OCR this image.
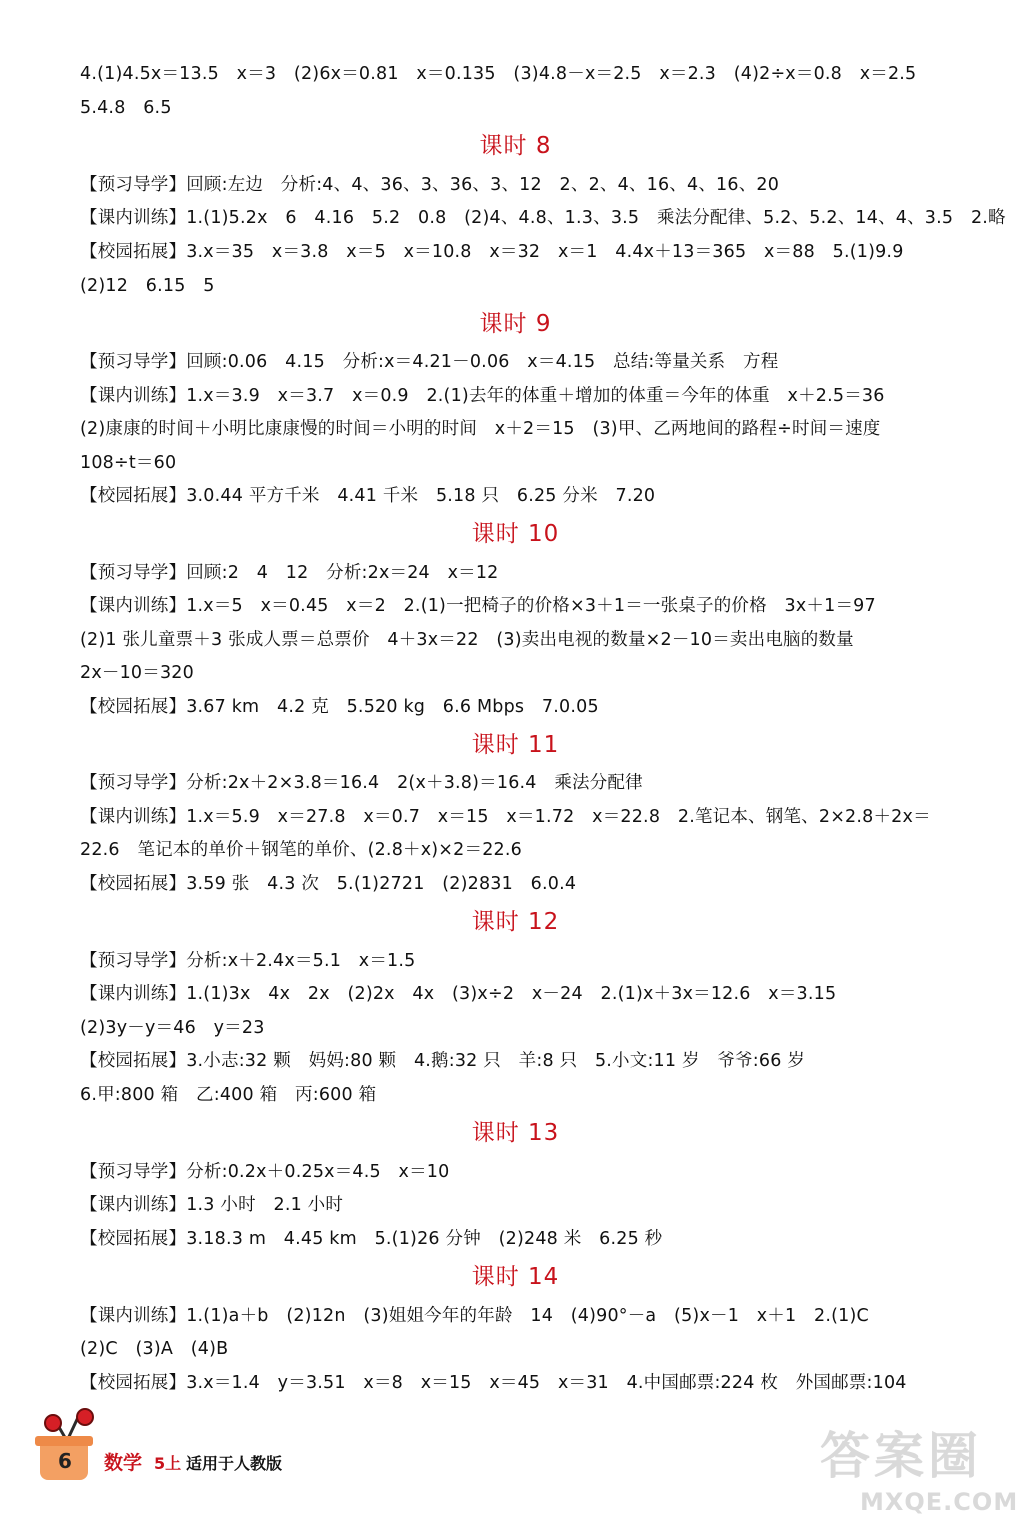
4.(1)4.5x＝13.5　x＝3　(2)6x＝0.81　x＝0.135　(3)4.8－x＝2.5　x＝2.3　(4)2÷x＝0.8　x＝2.5
5.4.8　6.5
课时 8
【预习导学】回顾:左边　分析:4、4、36、3、36、3、12　2、2、4、16、4、16、20
【课内训练】1.(1)5.2x　6　4.16　5.2　0.8　(2)4、4.8、1.3、3.5　乘法分配律、5.2、5.2、14、4、3.5　2.略
【校园拓展】3.x＝35　x＝3.8　x＝5　x＝10.8　x＝32　x＝1　4.4x＋13＝365　x＝88　5.(1)9.9
(2)12　6.15　5
课时 9
【预习导学】回顾:0.06　4.15　分析:x＝4.21－0.06　x＝4.15　总结:等量关系　方程
【课内训练】1.x＝3.9　x＝3.7　x＝0.9　2.(1)去年的体重＋增加的体重＝今年的体重　x＋2.5＝36
(2)康康的时间＋小明比康康慢的时间＝小明的时间　x＋2＝15　(3)甲、乙两地间的路程÷时间＝速度
108÷t＝60
【校园拓展】3.0.44 平方千米　4.41 千米　5.18 只　6.25 分米　7.20
课时 10
【预习导学】回顾:2　4　12　分析:2x＝24　x＝12
【课内训练】1.x＝5　x＝0.45　x＝2　2.(1)一把椅子的价格×3＋1＝一张桌子的价格　3x＋1＝97
(2)1 张儿童票＋3 张成人票＝总票价　4＋3x＝22　(3)卖出电视的数量×2－10＝卖出电脑的数量
2x－10＝320
【校园拓展】3.67 km　4.2 克　5.520 kg　6.6 Mbps　7.0.05
课时 11
【预习导学】分析:2x＋2×3.8＝16.4　2(x＋3.8)＝16.4　乘法分配律
【课内训练】1.x＝5.9　x＝27.8　x＝0.7　x＝15　x＝1.72　x＝22.8　2.笔记本、钢笔、2×2.8＋2x＝
22.6　笔记本的单价＋钢笔的单价、(2.8＋x)×2＝22.6
【校园拓展】3.59 张　4.3 次　5.(1)2721　(2)2831　6.0.4
课时 12
【预习导学】分析:x＋2.4x＝5.1　x＝1.5
【课内训练】1.(1)3x　4x　2x　(2)2x　4x　(3)x÷2　x－24　2.(1)x＋3x＝12.6　x＝3.15
(2)3y－y＝46　y＝23
【校园拓展】3.小志:32 颗　妈妈:80 颗　4.鹅:32 只　羊:8 只　5.小文:11 岁　爷爷:66 岁
6.甲:800 箱　乙:400 箱　丙:600 箱
课时 13
【预习导学】分析:0.2x＋0.25x＝4.5　x＝10
【课内训练】1.3 小时　2.1 小时
【校园拓展】3.18.3 m　4.45 km　5.(1)26 分钟　(2)248 米　6.25 秒
课时 14
【课内训练】1.(1)a＋b　(2)12n　(3)姐姐今年的年龄　14　(4)90°－a　(5)x－1　x＋1　2.(1)C
(2)C　(3)A　(4)B
【校园拓展】3.x＝1.4　y＝3.51　x＝8　x＝15　x＝45　x＝31　4.中国邮票:224 枚　外国邮票:104
6 数学 5上 适用于人教版	答案圈
MXQE.COM
